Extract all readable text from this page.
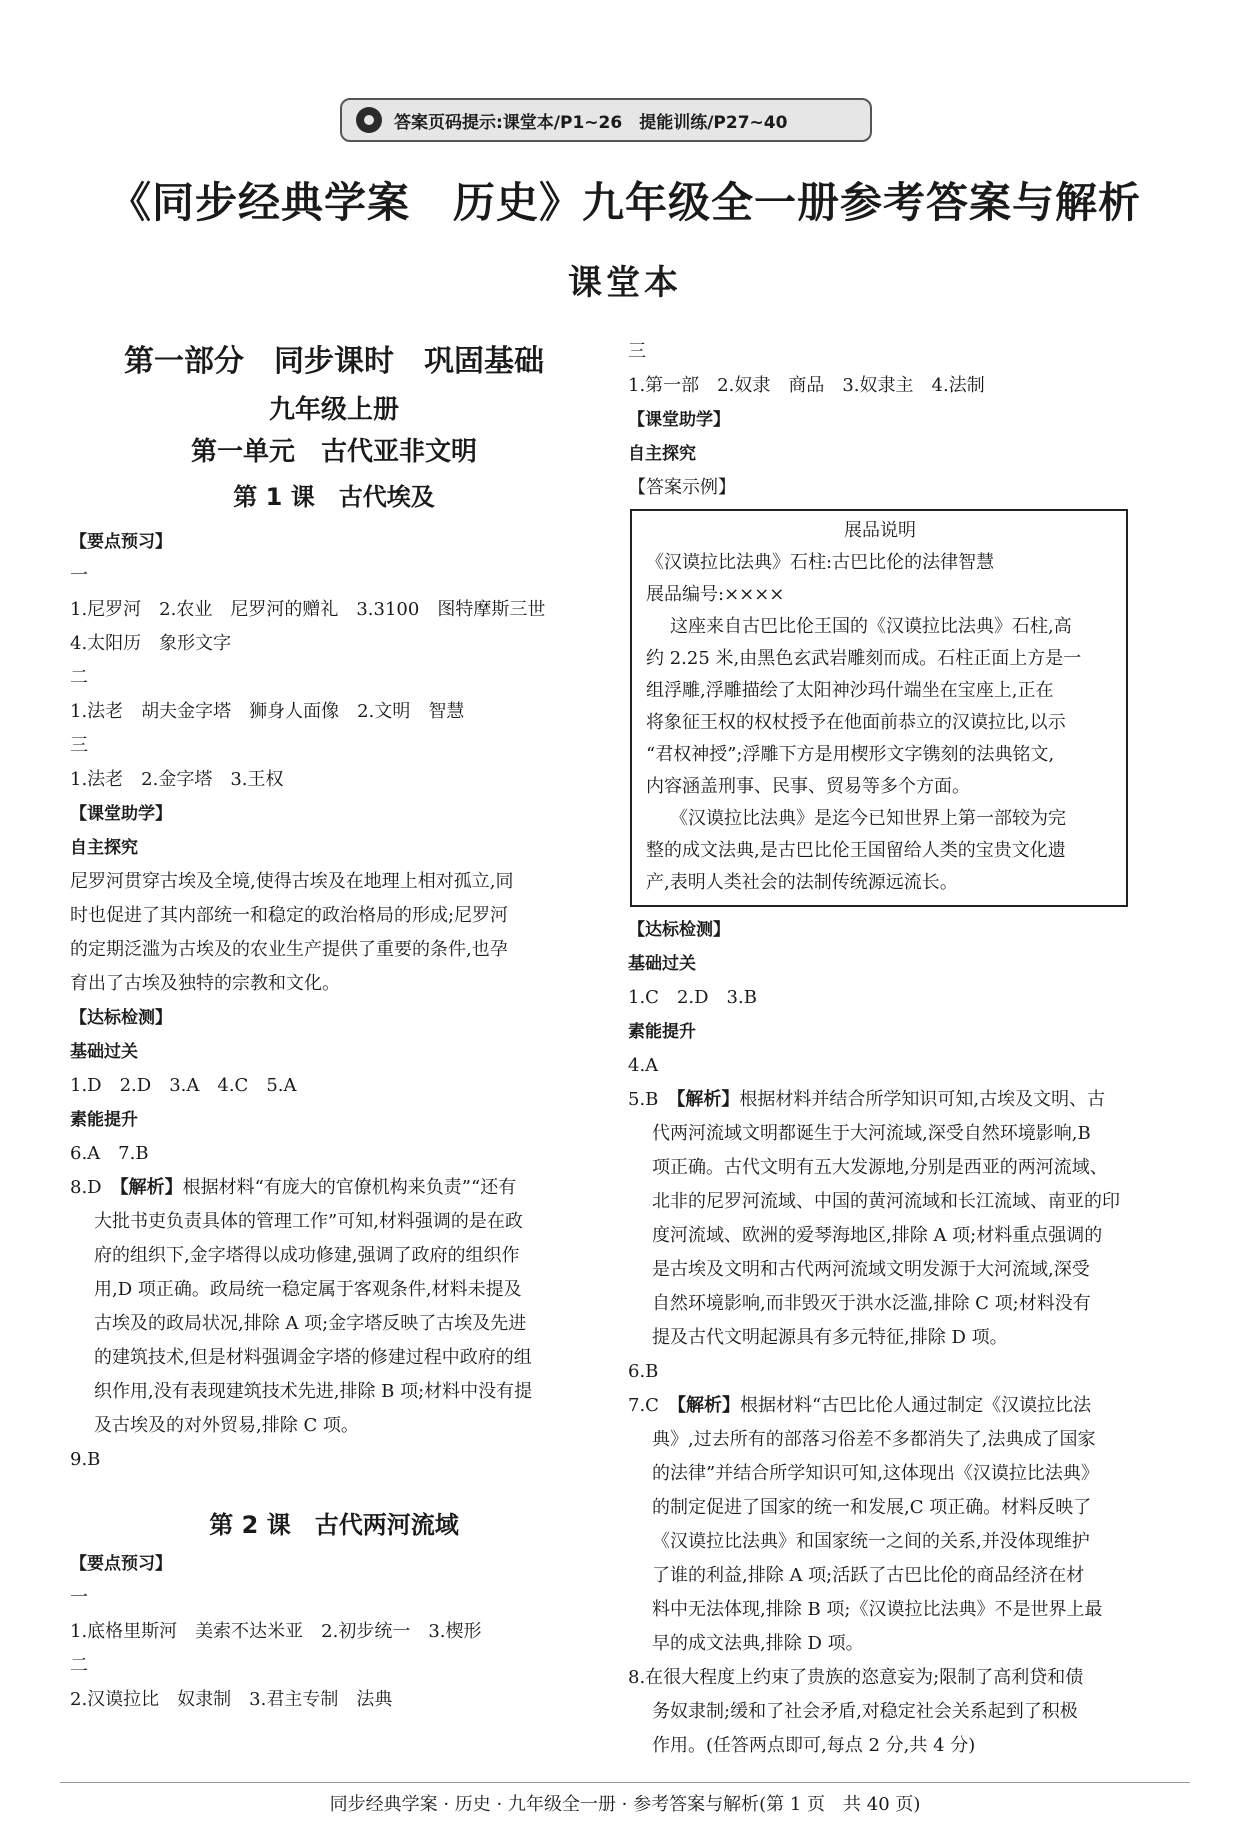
答案页码提示: 课堂本/P1~26　提能训练/P27~40
《同步经典学案　历史》九年级全一册参考答案与解析
课堂本
第一部分　同步课时　巩固基础
九年级上册
第一单元　古代亚非文明
第 1 课　古代埃及
【要点预习】
一
1.尼罗河　2.农业　尼罗河的赠礼　3.3100　图特摩斯三世
4.太阳历　象形文字
二
1.法老　胡夫金字塔　狮身人面像　2.文明　智慧
三
1.法老　2.金字塔　3.王权
【课堂助学】
自主探究
尼罗河贯穿古埃及全境,使得古埃及在地理上相对孤立,同
时也促进了其内部统一和稳定的政治格局的形成;尼罗河
的定期泛滥为古埃及的农业生产提供了重要的条件,也孕
育出了古埃及独特的宗教和文化。
【达标检测】
基础过关
1.D　2.D　3.A　4.C　5.A
素能提升
6.A　7.B
8.D　 【解析】根据材料“有庞大的官僚机构来负责”“还有
大批书吏负责具体的管理工作”可知,材料强调的是在政
府的组织下,金字塔得以成功修建,强调了政府的组织作
用,D 项正确。政局统一稳定属于客观条件,材料未提及
古埃及的政局状况,排除 A 项;金字塔反映了古埃及先进
的建筑技术,但是材料强调金字塔的修建过程中政府的组
织作用,没有表现建筑技术先进,排除 B 项;材料中没有提
及古埃及的对外贸易,排除 C 项。
9.B
第 2 课　古代两河流域
【要点预习】
一
1.底格里斯河　美索不达米亚　2.初步统一　3.楔形
二
2.汉谟拉比　奴隶制　3.君主专制　法典
三
1.第一部　2.奴隶　商品　3.奴隶主　4.法制
【课堂助学】
自主探究
【答案示例】
展品说明
《汉谟拉比法典》石柱:古巴比伦的法律智慧
展品编号:××××
这座来自古巴比伦王国的《汉谟拉比法典》石柱,高
约 2.25 米,由黑色玄武岩雕刻而成。石柱正面上方是一
组浮雕,浮雕描绘了太阳神沙玛什端坐在宝座上,正在
将象征王权的权杖授予在他面前恭立的汉谟拉比,以示
“君权神授”;浮雕下方是用楔形文字镌刻的法典铭文,
内容涵盖刑事、民事、贸易等多个方面。
《汉谟拉比法典》是迄今已知世界上第一部较为完
整的成文法典,是古巴比伦王国留给人类的宝贵文化遗
产,表明人类社会的法制传统源远流长。
【达标检测】
基础过关
1.C　2.D　3.B
素能提升
4.A
5.B　 【解析】根据材料并结合所学知识可知,古埃及文明、古
代两河流域文明都诞生于大河流域,深受自然环境影响,B
项正确。古代文明有五大发源地,分别是西亚的两河流域、
北非的尼罗河流域、中国的黄河流域和长江流域、南亚的印
度河流域、欧洲的爱琴海地区,排除 A 项;材料重点强调的
是古埃及文明和古代两河流域文明发源于大河流域,深受
自然环境影响,而非毁灭于洪水泛滥,排除 C 项;材料没有
提及古代文明起源具有多元特征,排除 D 项。
6.B
7.C　 【解析】根据材料“古巴比伦人通过制定《汉谟拉比法
典》,过去所有的部落习俗差不多都消失了,法典成了国家
的法律”并结合所学知识可知,这体现出《汉谟拉比法典》
的制定促进了国家的统一和发展,C 项正确。材料反映了
《汉谟拉比法典》和国家统一之间的关系,并没体现维护
了谁的利益,排除 A 项;活跃了古巴比伦的商品经济在材
料中无法体现,排除 B 项;《汉谟拉比法典》不是世界上最
早的成文法典,排除 D 项。
8.在很大程度上约束了贵族的恣意妄为;限制了高利贷和债
务奴隶制;缓和了社会矛盾,对稳定社会关系起到了积极
作用。(任答两点即可,每点 2 分,共 4 分)
同步经典学案 · 历史 · 九年级全一册 · 参考答案与解析(第 1 页　共 40 页)
